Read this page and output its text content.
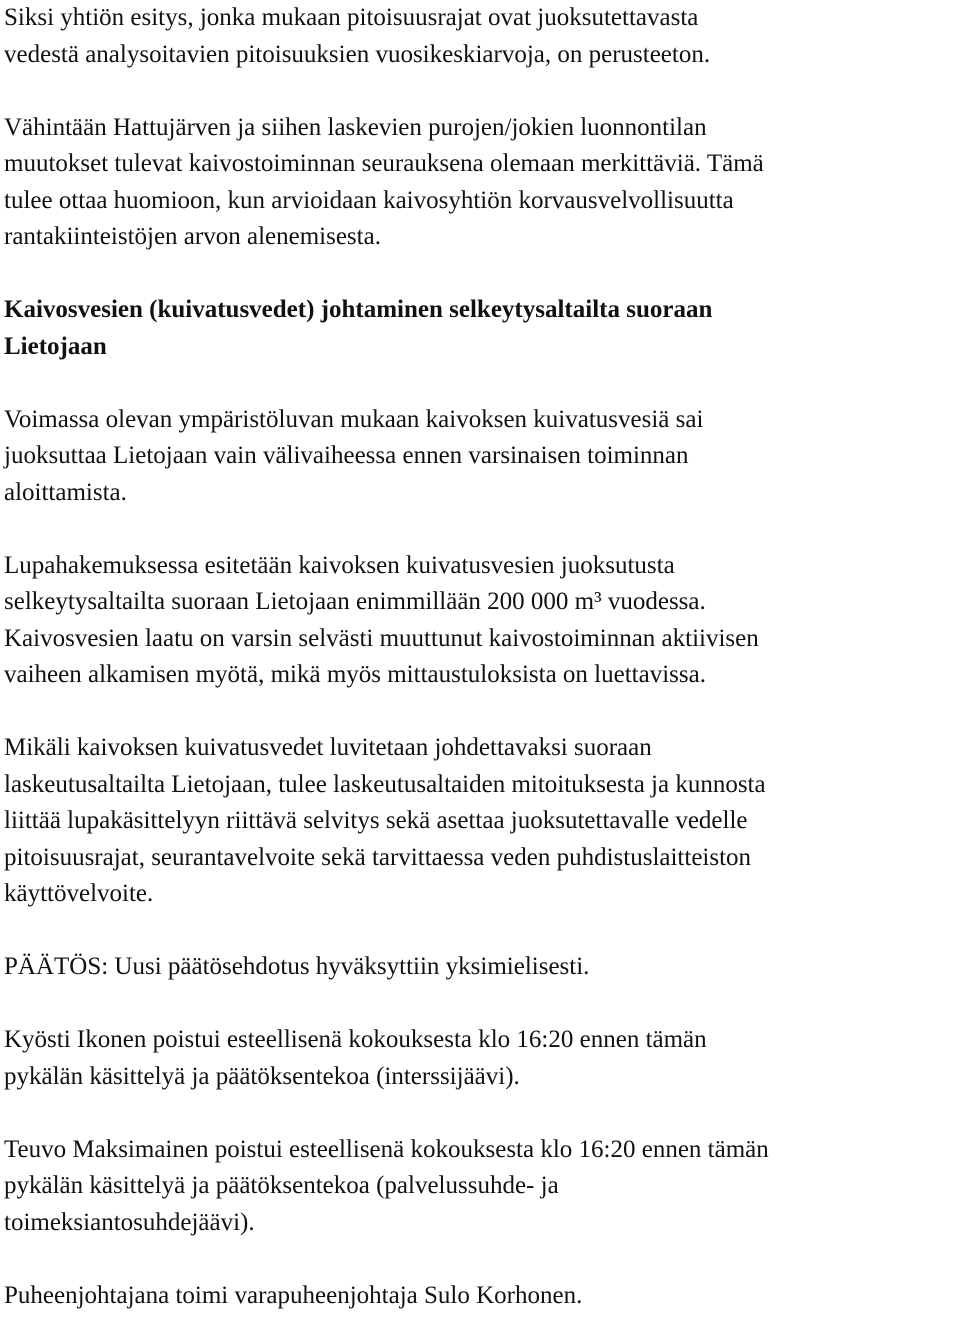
Siksi yhtiön esitys, jonka mukaan pitoisuusrajat ovat juoksutettavasta
vedestä analysoitavien pitoisuuksien vuosikeskiarvoja, on perusteeton.

Vähintään Hattujärven ja siihen laskevien purojen/jokien luonnontilan
muutokset tulevat kaivostoiminnan seurauksena olemaan merkittäviä. Tämä
tulee ottaa huomioon, kun arvioidaan kaivosyhtiön korvausvelvollisuutta
rantakiinteistöjen arvon alenemisesta.

Kaivosvesien (kuivatusvedet) johtaminen selkeytysaltailta suoraan
Lietojaan

Voimassa olevan ympäristöluvan mukaan kaivoksen kuivatusvesiä sai
juoksuttaa Lietojaan vain välivaiheessa ennen varsinaisen toiminnan
aloittamista.

Lupahakemuksessa esitetään kaivoksen kuivatusvesien juoksutusta
selkeytysaltailta suoraan Lietojaan enimmillään 200 000 m³ vuodessa.
Kaivosvesien laatu on varsin selvästi muuttunut kaivostoiminnan aktiivisen
vaiheen alkamisen myötä, mikä myös mittaustuloksista on luettavissa.

Mikäli kaivoksen kuivatusvedet luvitetaan johdettavaksi suoraan
laskeutusaltailta Lietojaan, tulee laskeutusaltaiden mitoituksesta ja kunnosta
liittää lupakäsittelyyn riittävä selvitys sekä asettaa juoksutettavalle vedelle
pitoisuusrajat, seurantavelvoite sekä tarvittaessa veden puhdistuslaitteiston
käyttövelvoite.

PÄÄTÖS: Uusi päätösehdotus hyväksyttiin yksimielisesti.

Kyösti Ikonen poistui esteellisenä kokouksesta klo 16:20 ennen tämän
pykälän käsittelyä ja päätöksentekoa (interssijäävi).

Teuvo Maksimainen poistui esteellisenä kokouksesta klo 16:20 ennen tämän
pykälän käsittelyä ja päätöksentekoa (palvelussuhde- ja
toimeksiantosuhdejäävi).

Puheenjohtajana toimi varapuheenjohtaja Sulo Korhonen.
